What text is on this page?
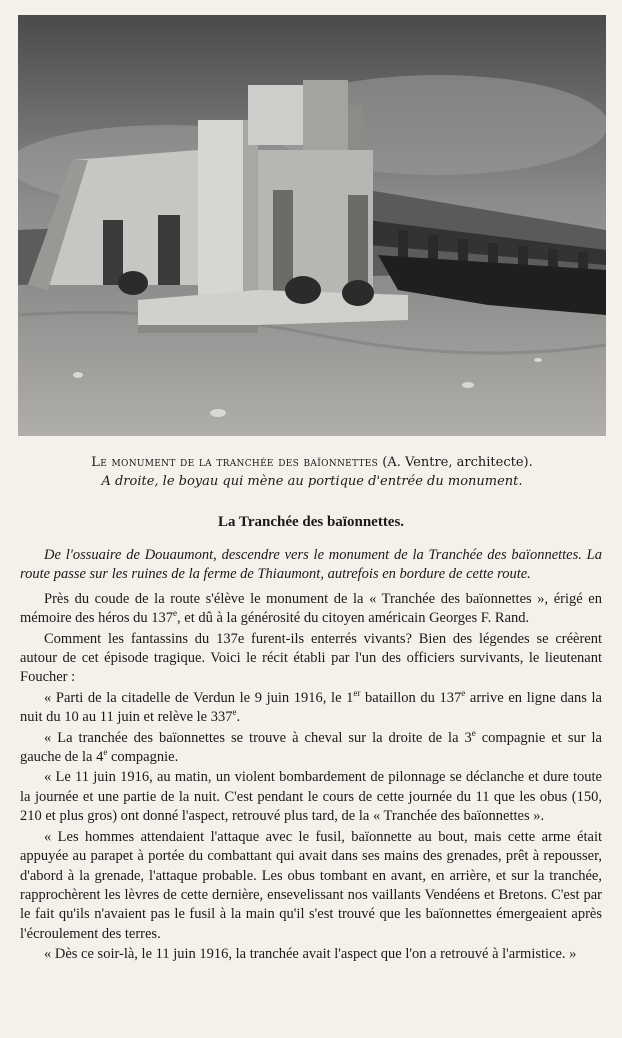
Le monument de la tranchée des baïonnettes (A. Ventre, architecte).
A droite, le boyau qui mène au portique d'entrée du monument.
La Tranchée des baïonnettes.

De l'ossuaire de Douaumont, descendre vers le monument de la Tranchée des baïonnettes. La route passe sur les ruines de la ferme de Thiaumont, autrefois en bordure de cette route.

Près du coude de la route s'élève le monument de la « Tranchée des baïonnettes », érigé en mémoire des héros du 137e, et dû à la générosité du citoyen américain Georges F. Rand.

Comment les fantassins du 137e furent-ils enterrés vivants? Bien des légendes se créèrent autour de cet épisode tragique. Voici le récit établi par l'un des officiers survivants, le lieutenant Foucher :

« Parti de la citadelle de Verdun le 9 juin 1916, le 1er bataillon du 137e arrive en ligne dans la nuit du 10 au 11 juin et relève le 337e.

« La tranchée des baïonnettes se trouve à cheval sur la droite de la 3e compagnie et sur la gauche de la 4e compagnie.

« Le 11 juin 1916, au matin, un violent bombardement de pilonnage se déclanche et dure toute la journée et une partie de la nuit. C'est pendant le cours de cette journée du 11 que les obus (150, 210 et plus gros) ont donné l'aspect, retrouvé plus tard, de la « Tranchée des baïonnettes ».

« Les hommes attendaient l'attaque avec le fusil, baïonnette au bout, mais cette arme était appuyée au parapet à portée du combattant qui avait dans ses mains des grenades, prêt à repousser, d'abord à la grenade, l'attaque probable. Les obus tombant en avant, en arrière, et sur la tranchée, rapprochèrent les lèvres de cette dernière, ensevelissant nos vaillants Vendéens et Bretons. C'est par le fait qu'ils n'avaient pas le fusil à la main qu'il s'est trouvé que les baïonnettes émergeaient après l'écroulement des terres.

« Dès ce soir-là, le 11 juin 1916, la tranchée avait l'aspect que l'on a retrouvé à l'armistice. »
